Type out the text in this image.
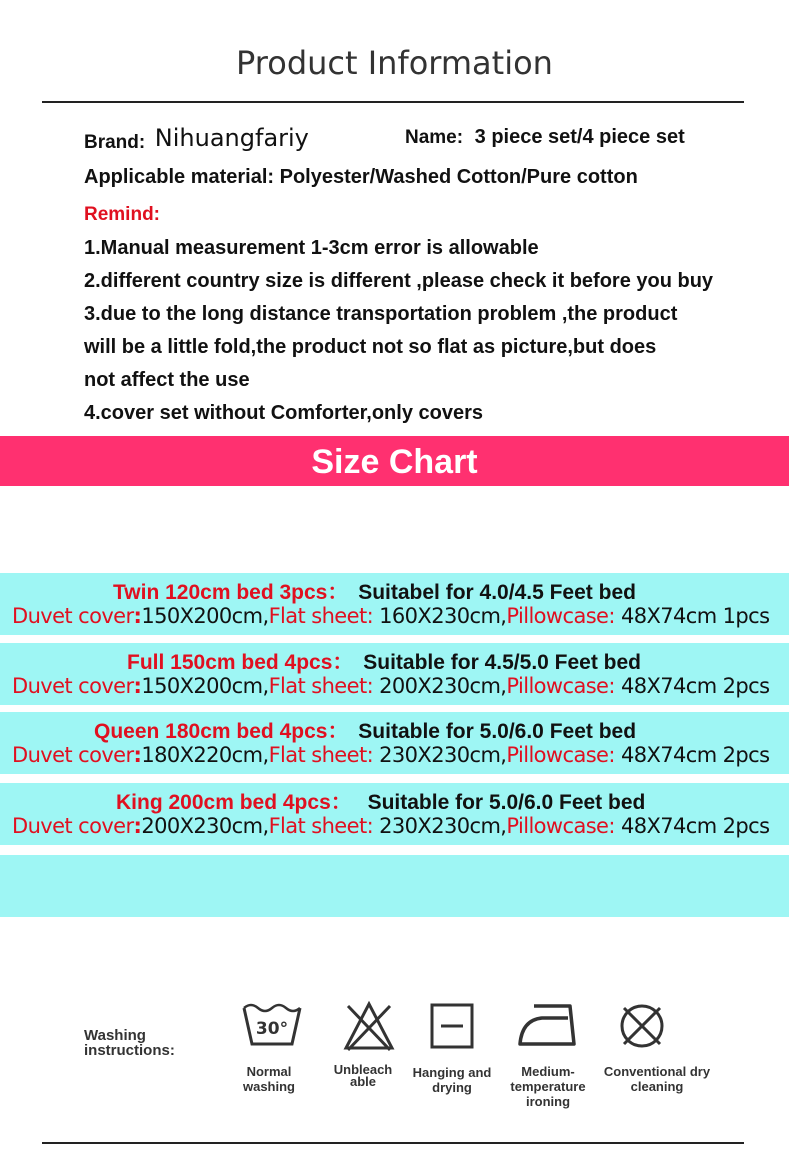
Product Information
Brand: Nihuangfariy	Name: 3 piece set/4 piece set
Applicable material: Polyester/Washed Cotton/Pure cotton
Remind:
1.Manual measurement 1-3cm error is allowable
2.different country size is different ,please check it before you buy
3.due to the long distance transportation problem ,the product
will be a little fold,the product not so flat as picture,but does
not affect the use
4.cover set without Comforter,only covers
Size Chart
Twin 120cm bed 3pcs： Suitabel for 4.0/4.5 Feet bed
Duvet cover:150X200cm,Flat sheet: 160X230cm,Pillowcase: 48X74cm 1pcs
Full 150cm bed 4pcs： Suitable for 4.5/5.0 Feet bed
Duvet cover:150X200cm,Flat sheet: 200X230cm,Pillowcase: 48X74cm 2pcs
Queen 180cm bed 4pcs： Suitable for 5.0/6.0 Feet bed
Duvet cover:180X220cm,Flat sheet: 230X230cm,Pillowcase: 48X74cm 2pcs
King 200cm bed 4pcs： Suitable for 5.0/6.0 Feet bed
Duvet cover:200X230cm,Flat sheet: 230X230cm,Pillowcase: 48X74cm 2pcs
Washing
instructions:
30°
Normal
washing
Unbleach
able
Hanging and
drying
Medium-
temperature
ironing
Conventional dry
cleaning
